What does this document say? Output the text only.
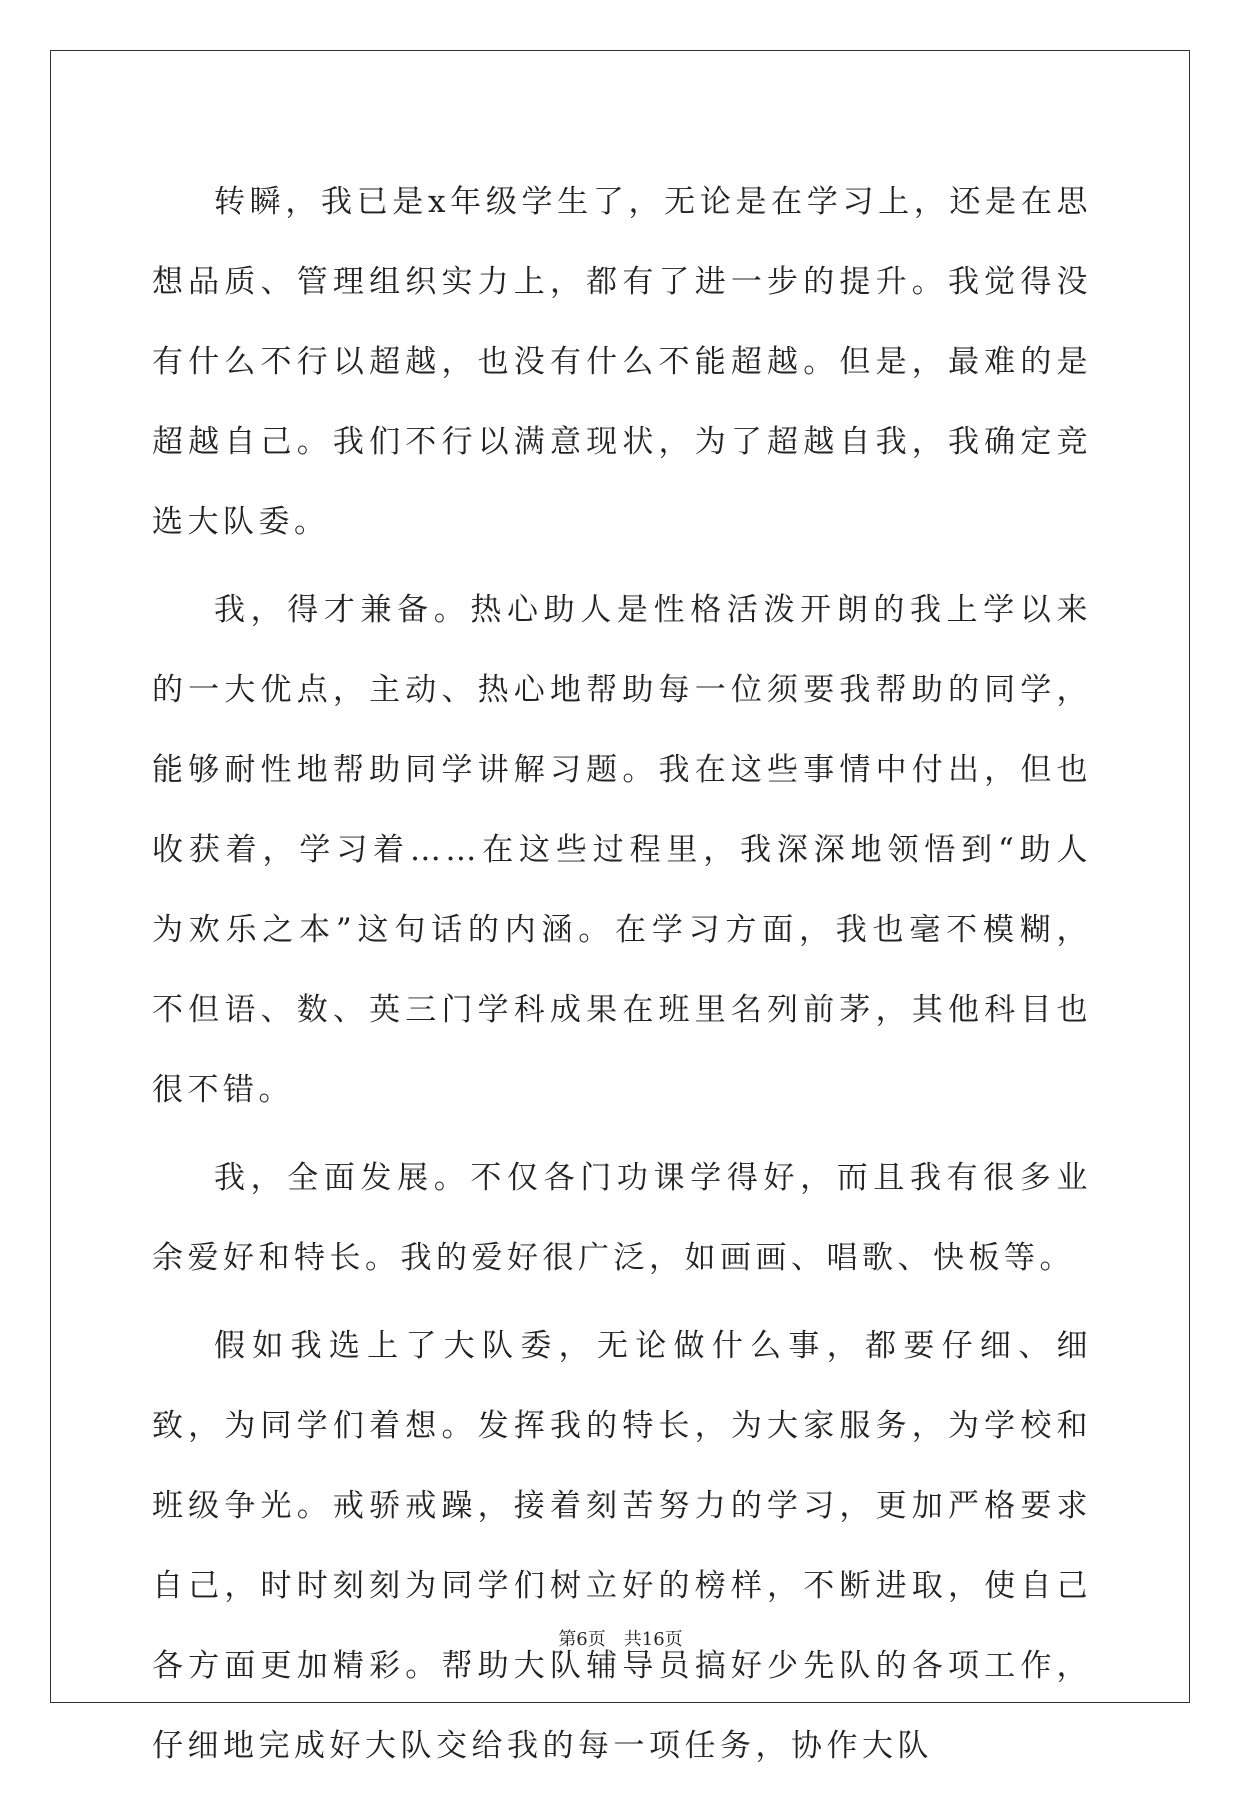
转瞬，我已是x年级学生了，无论是在学习上，还是在思想品质、管理组织实力上，都有了进一步的提升。我觉得没有什么不行以超越，也没有什么不能超越。但是，最难的是超越自己。我们不行以满意现状，为了超越自我，我确定竞选大队委。

我，得才兼备。热心助人是性格活泼开朗的我上学以来的一大优点，主动、热心地帮助每一位须要我帮助的同学，能够耐性地帮助同学讲解习题。我在这些事情中付出，但也收获着，学习着……在这些过程里，我深深地领悟到“助人为欢乐之本”这句话的内涵。在学习方面，我也毫不模糊，不但语、数、英三门学科成果在班里名列前茅，其他科目也很不错。

我，全面发展。不仅各门功课学得好，而且我有很多业余爱好和特长。我的爱好很广泛，如画画、唱歌、快板等。

假如我选上了大队委，无论做什么事，都要仔细、细致，为同学们着想。发挥我的特长，为大家服务，为学校和班级争光。戒骄戒躁，接着刻苦努力的学习，更加严格要求自己，时时刻刻为同学们树立好的榜样，不断进取，使自己各方面更加精彩。帮助大队辅导员搞好少先队的各项工作，仔细地完成好大队交给我的每一项任务，协作大队

第6页　共16页
